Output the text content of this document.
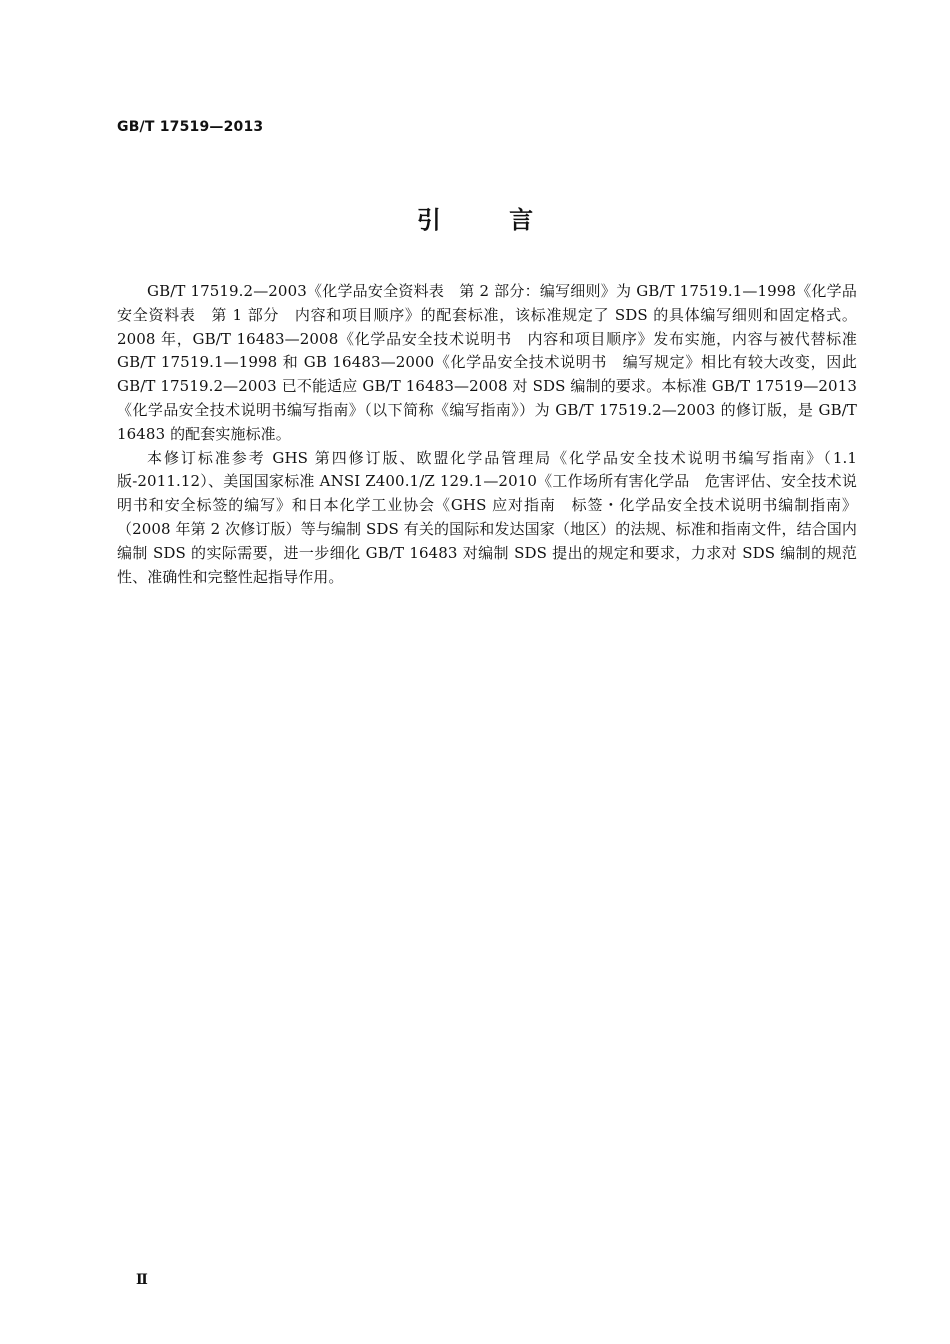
GB/T 17519—2013
引 言

GB/T 17519.2—2003《化学品安全资料表　第 2 部分：编写细则》为 GB/T 17519.1—1998《化学品安全资料表　第 1 部分　内容和项目顺序》的配套标准，该标准规定了 SDS 的具体编写细则和固定格式。2008 年，GB/T 16483—2008《化学品安全技术说明书　内容和项目顺序》发布实施，内容与被代替标准 GB/T 17519.1—1998 和 GB 16483—2000《化学品安全技术说明书　编写规定》相比有较大改变，因此 GB/T 17519.2—2003 已不能适应 GB/T 16483—2008 对 SDS 编制的要求。本标准 GB/T 17519—2013《化学品安全技术说明书编写指南》（以下简称《编写指南》）为 GB/T 17519.2—2003 的修订版，是 GB/T 16483 的配套实施标准。

本修订标准参考 GHS 第四修订版、欧盟化学品管理局《化学品安全技术说明书编写指南》（1.1 版-2011.12）、美国国家标准 ANSI Z400.1/Z 129.1—2010《工作场所有害化学品　危害评估、安全技术说明书和安全标签的编写》和日本化学工业协会《GHS 应对指南　标签・化学品安全技术说明书编制指南》（2008 年第 2 次修订版）等与编制 SDS 有关的国际和发达国家（地区）的法规、标准和指南文件，结合国内编制 SDS 的实际需要，进一步细化 GB/T 16483 对编制 SDS 提出的规定和要求，力求对 SDS 编制的规范性、准确性和完整性起指导作用。

Ⅱ
